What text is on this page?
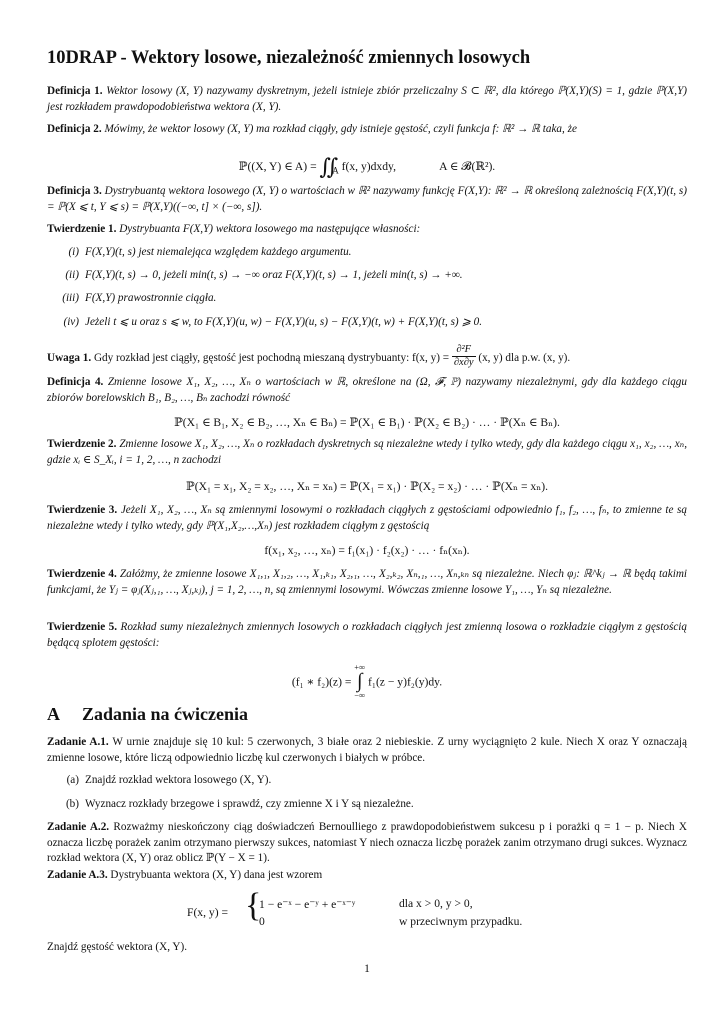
10DRAP - Wektory losowe, niezależność zmiennych losowych
Definicja 1. Wektor losowy (X, Y) nazywamy dyskretnym, jeżeli istnieje zbiór przeliczalny S ⊂ ℝ², dla którego ℙ(X,Y)(S) = 1, gdzie ℙ(X,Y) jest rozkładem prawdopodobieństwa wektora (X, Y).
Definicja 2. Mówimy, że wektor losowy (X, Y) ma rozkład ciągły, gdy istnieje gęstość, czyli funkcja f: ℝ² → ℝ taka, że
ℙ((X, Y) ∈ $A) = ∬_A$ f(x, y)dxdy,	A ∈ 𝓑(ℝ²).
Definicja 3. Dystrybuantą wektora losowego (X, Y) o wartościach w ℝ² nazywamy funkcję F(X,Y): ℝ² → ℝ określoną zależnością F(X,Y)(t, s) = ℙ(X ⩽ t, Y ⩽ s) = ℙ(X,Y)((−∞, t] × (−∞, s]).
Twierdzenie 1. Dystrybuanta F(X,Y) wektora losowego ma następujące własności:
(i) F(X,Y)(t, s) jest niemalejąca względem każdego argumentu.
(ii) F(X,Y)(t, s) → 0, jeżeli min(t, s) → −∞ oraz F(X,Y)(t, s) → 1, jeżeli min(t, s) → +∞.
(iii) F(X,Y) prawostronnie ciągła.
(iv) Jeżeli t ⩽ u oraz s ⩽ w, to F(X,Y)(u, w) − F(X,Y)(u, s) − F(X,Y)(t, w) + F(X,Y)(t, s) ⩾ 0.
Uwaga 1. Gdy rozkład jest ciągły, gęstość jest pochodną mieszaną dystrybuanty: f(x, $y) = \frac{\text{∂²F}}{\partial x\partial y} (x$, y) dla p.w. (x, y).
Definicja 4. Zmienne losowe X₁, X₂, …, Xₙ o wartościach w ℝ, określone na (Ω, 𝓕, ℙ) nazywamy niezależnymi, gdy dla każdego ciągu zbiorów borelowskich B₁, B₂, …, Bₙ zachodzi równość
ℙ(X₁ ∈ B₁, X₂ ∈ B₂, …, Xₙ ∈ Bₙ) = ℙ(X₁ ∈ B₁) · ℙ(X₂ ∈ B₂) · … · ℙ(Xₙ ∈ Bₙ).
Twierdzenie 2. Zmienne losowe X₁, X₂, …, Xₙ o rozkładach dyskretnych są niezależne wtedy i tylko wtedy, gdy dla każdego ciągu x₁, x₂, …, xₙ, gdzie xᵢ ∈ S_Xᵢ, i = 1, 2, …, n zachodzi
ℙ(X₁ = x₁, X₂ = x₂, …, Xₙ = xₙ) = ℙ(X₁ = x₁) · ℙ(X₂ = x₂) · … · ℙ(Xₙ = xₙ).
Twierdzenie 3. Jeżeli X₁, X₂, …, Xₙ są zmiennymi losowymi o rozkładach ciągłych z gęstościami odpowiednio f₁, f₂, …, fₙ, to zmienne te są niezależne wtedy i tylko wtedy, gdy ℙ(X₁,X₂,…,Xₙ) jest rozkładem ciągłym z gęstością
f(x₁, x₂, …, xₙ) = f₁(x₁) · f₂(x₂) · … · fₙ(xₙ).
Twierdzenie 4. Załóżmy, że zmienne losowe X₁,₁, X₁,₂, …, X₁,ₖ₁, X₂,₁, …, X₂,ₖ₂, Xₙ,₁, …, Xₙ,ₖₙ są niezależne. Niech φⱼ: ℝ^kⱼ → ℝ będą takimi funkcjami, że Yⱼ = φⱼ(Xⱼ,₁, …, Xⱼ,ₖⱼ), j = 1, 2, …, n, są zmiennymi losowymi. Wówczas zmienne losowe Y₁, …, Yₙ są niezależne.
Twierdzenie 5. Rozkład sumy niezależnych zmiennych losowych o rozkładach ciągłych jest zmienną losowa o rozkładzie ciągłym z gęstością będącą splotem gęstości:
(f₁ ∗ f₂)(z) =
+∞
∫
−∞
f₁(z − y)f₂(y)dy.
A Zadania na ćwiczenia
Zadanie A.1. W urnie znajduje się 10 kul: 5 czerwonych, 3 białe oraz 2 niebieskie. Z urny wyciągnięto 2 kule. Niech X oraz Y oznaczają zmienne losowe, które liczą odpowiednio liczbę kul czerwonych i białych w próbce.
(a) Znajdź rozkład wektora losowego (X, Y).
(b) Wyznacz rozkłady brzegowe i sprawdź, czy zmienne X i Y są niezależne.
Zadanie A.2. Rozważmy nieskończony ciąg doświadczeń Bernoulliego z prawdopodobieństwem sukcesu p i porażki q = 1 − p. Niech X oznacza liczbę porażek zanim otrzymano pierwszy sukces, natomiast Y niech oznacza liczbę porażek zanim otrzymano drugi sukces. Wyznacz rozkład wektora (X, Y) oraz oblicz ℙ(Y − X = 1).
Zadanie A.3. Dystrybuanta wektora (X, Y) dana jest wzorem
F(x, y) = {
1 − e⁻ˣ − e⁻ʸ + e⁻ˣ⁻ʸ
0
dla x > 0, y > 0,
w przeciwnym przypadku.
Znajdź gęstość wektora (X, Y).
1
